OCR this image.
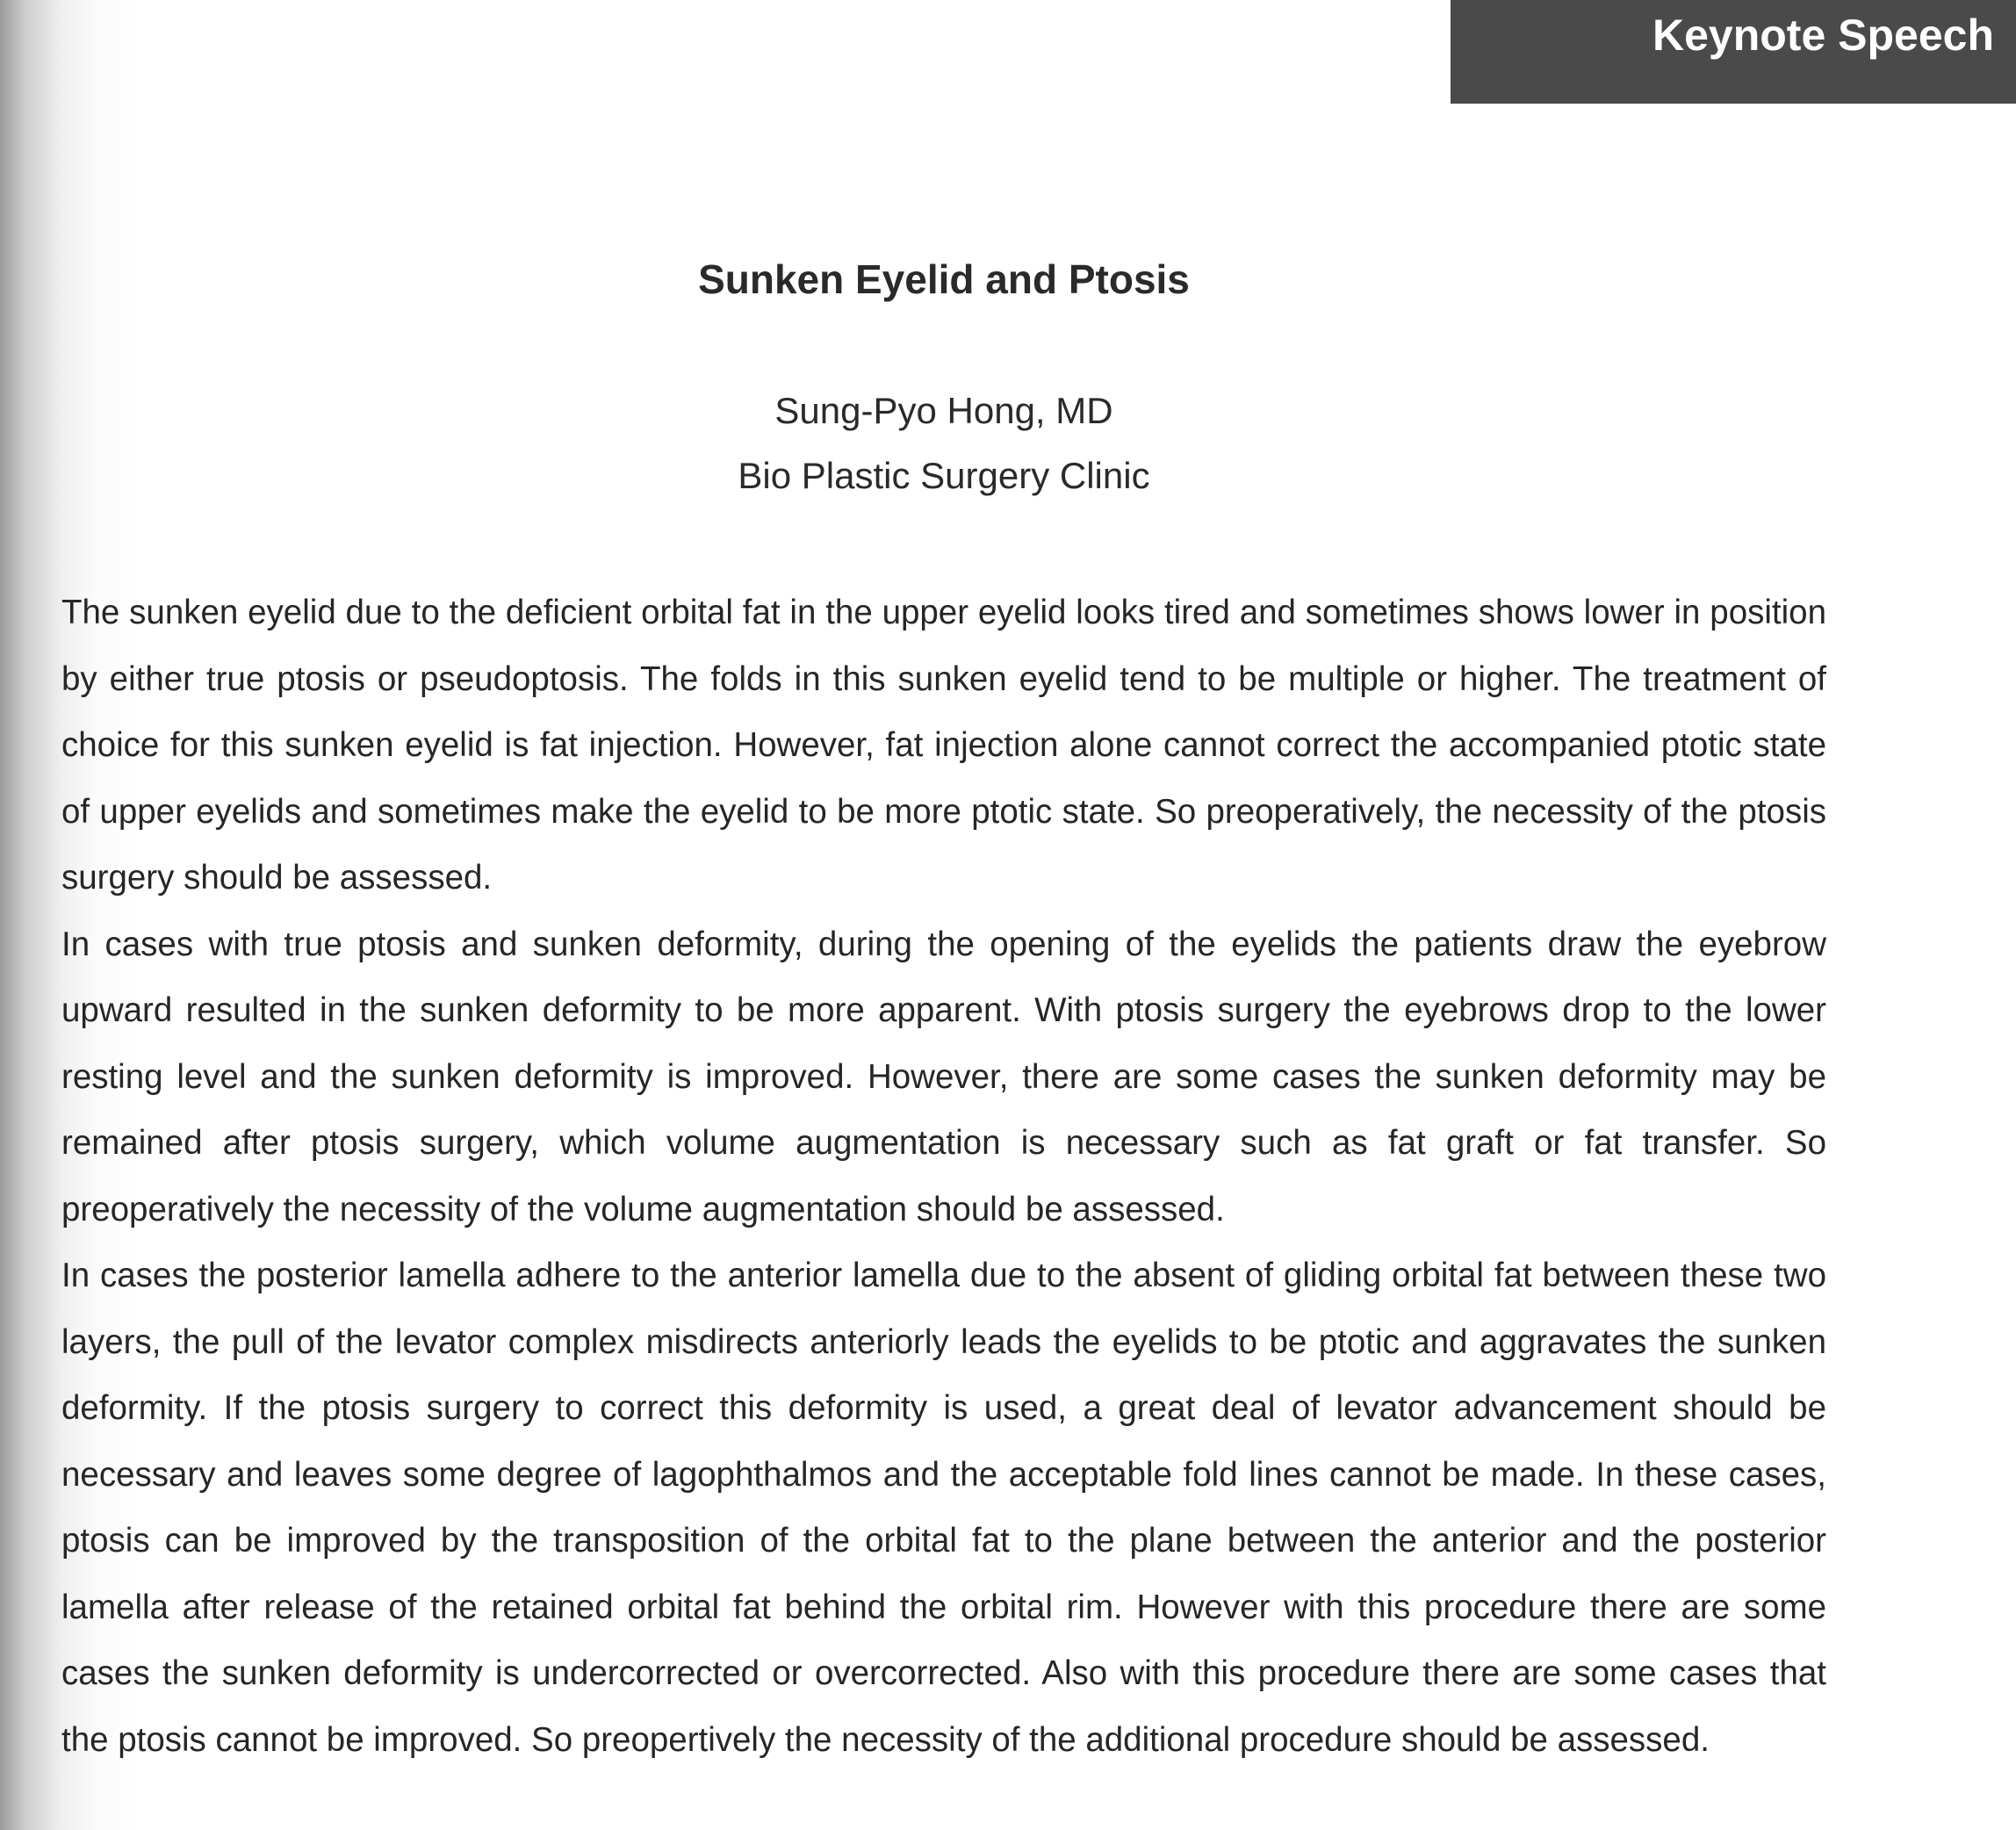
Keynote Speech
Sunken Eyelid and Ptosis
Sung-Pyo Hong, MD
Bio Plastic Surgery Clinic

The sunken eyelid due to the deficient orbital fat in the upper eyelid looks tired and sometimes shows lower in position by either true ptosis or pseudoptosis. The folds in this sunken eyelid tend to be multiple or higher. The treatment of choice for this sunken eyelid is fat injection. However, fat injection alone cannot correct the accompanied ptotic state of upper eyelids and sometimes make the eyelid to be more ptotic state. So preoperatively, the necessity of the ptosis surgery should be assessed.

In cases with true ptosis and sunken deformity, during the opening of the eyelids the patients draw the eyebrow upward resulted in the sunken deformity to be more apparent. With ptosis surgery the eyebrows drop to the lower resting level and the sunken deformity is improved. However, there are some cases the sunken deformity may be remained after ptosis surgery, which volume augmentation is necessary such as fat graft or fat transfer. So preoperatively the necessity of the volume augmentation should be assessed.

In cases the posterior lamella adhere to the anterior lamella due to the absent of gliding orbital fat between these two layers, the pull of the levator complex misdirects anteriorly leads the eyelids to be ptotic and aggravates the sunken deformity. If the ptosis surgery to correct this deformity is used, a great deal of levator advancement should be necessary and leaves some degree of lagophthalmos and the acceptable fold lines cannot be made. In these cases, ptosis can be improved by the transposition of the orbital fat to the plane between the anterior and the posterior lamella after release of the retained orbital fat behind the orbital rim. However with this procedure there are some cases the sunken deformity is undercorrected or overcorrected. Also with this procedure there are some cases that the ptosis cannot be improved. So preopertively the necessity of the additional procedure should be assessed.
